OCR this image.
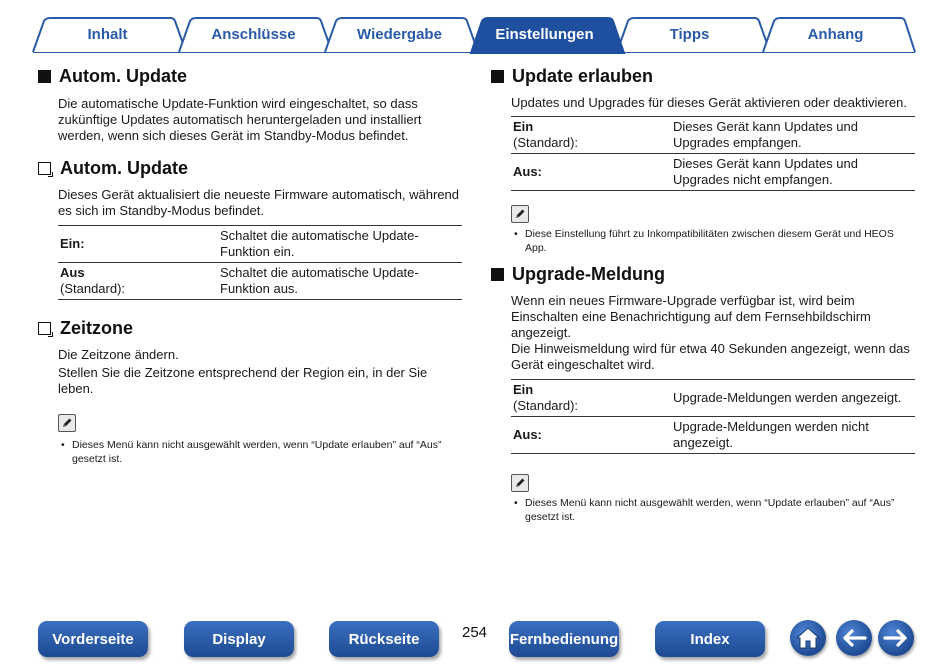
Inhalt	Anschlüsse	Wiedergabe	Einstellungen	Tipps	Anhang
Autom. Update

Die automatische Update-Funktion wird eingeschaltet, so dass zukünftige Updates automatisch heruntergeladen und installiert werden, wenn sich dieses Gerät im Standby-Modus befindet.

Autom. Update

Dieses Gerät aktualisiert die neueste Firmware automatisch, während es sich im Standby-Modus befindet.

Ein:	Schaltet die automatische Update-Funktion ein.
Aus
(Standard):	Schaltet die automatische Update-Funktion aus.
Zeitzone

Die Zeitzone ändern.

Stellen Sie die Zeitzone entsprechend der Region ein, in der Sie leben.

• Dieses Menü kann nicht ausgewählt werden, wenn “Update erlauben” auf “Aus” gesetzt ist.
Update erlauben

Updates und Upgrades für dieses Gerät aktivieren oder deaktivieren.

Ein
(Standard):	Dieses Gerät kann Updates und Upgrades empfangen.
Aus:	Dieses Gerät kann Updates und Upgrades nicht empfangen.
• Diese Einstellung führt zu Inkompatibilitäten zwischen diesem Gerät und HEOS App.
Upgrade-Meldung

Wenn ein neues Firmware-Upgrade verfügbar ist, wird beim Einschalten eine Benachrichtigung auf dem Fernsehbildschirm angezeigt.

Die Hinweismeldung wird für etwa 40 Sekunden angezeigt, wenn das Gerät eingeschaltet wird.

Ein
(Standard):	Upgrade-Meldungen werden angezeigt.
Aus:	Upgrade-Meldungen werden nicht angezeigt.
• Dieses Menü kann nicht ausgewählt werden, wenn “Update erlauben” auf “Aus” gesetzt ist.
Vorderseite	Display	Rückseite	254 Fernbedienung	Index
